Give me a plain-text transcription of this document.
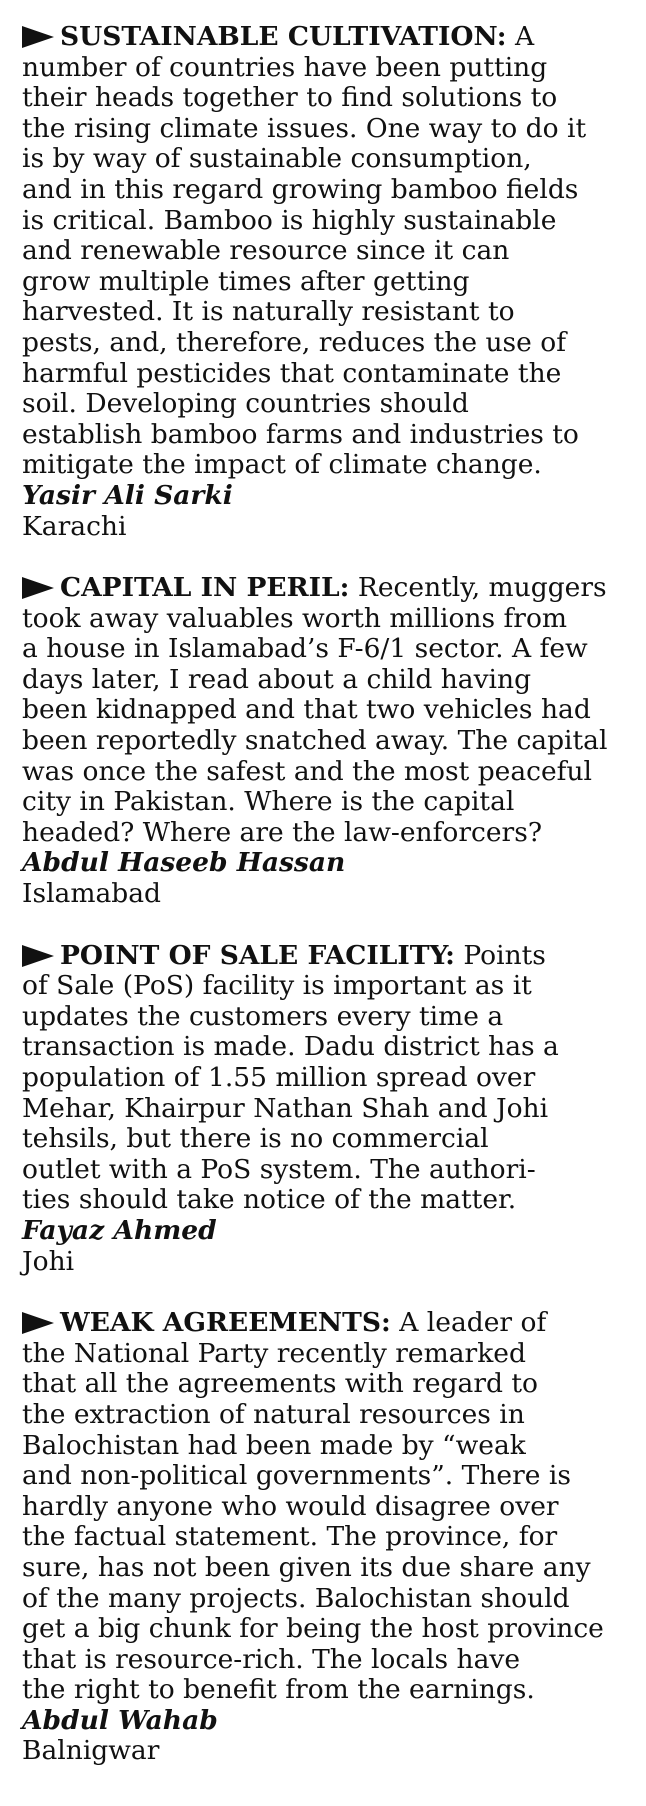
SUSTAINABLE CULTIVATION: A
number of countries have been putting
their heads together to find solutions to
the rising climate issues. One way to do it
is by way of sustainable consumption,
and in this regard growing bamboo fields
is critical. Bamboo is highly sustainable
and renewable resource since it can
grow multiple times after getting
harvested. It is naturally resistant to
pests, and, therefore, reduces the use of
harmful pesticides that contaminate the
soil. Developing countries should
establish bamboo farms and industries to
mitigate the impact of climate change.
Yasir Ali Sarki
Karachi
CAPITAL IN PERIL: Recently, muggers
took away valuables worth millions from
a house in Islamabad’s F-6/1 sector. A few
days later, I read about a child having
been kidnapped and that two vehicles had
been reportedly snatched away. The capital
was once the safest and the most peaceful
city in Pakistan. Where is the capital
headed? Where are the law-enforcers?
Abdul Haseeb Hassan
Islamabad
POINT OF SALE FACILITY: Points
of Sale (PoS) facility is important as it
updates the customers every time a
transaction is made. Dadu district has a
population of 1.55 million spread over
Mehar, Khairpur Nathan Shah and Johi
tehsils, but there is no commercial
outlet with a PoS system. The authori-
ties should take notice of the matter.
Fayaz Ahmed
Johi
WEAK AGREEMENTS: A leader of
the National Party recently remarked
that all the agreements with regard to
the extraction of natural resources in
Balochistan had been made by “weak
and non-political governments”. There is
hardly anyone who would disagree over
the factual statement. The province, for
sure, has not been given its due share any
of the many projects. Balochistan should
get a big chunk for being the host province
that is resource-rich. The locals have
the right to benefit from the earnings.
Abdul Wahab
Balnigwar
